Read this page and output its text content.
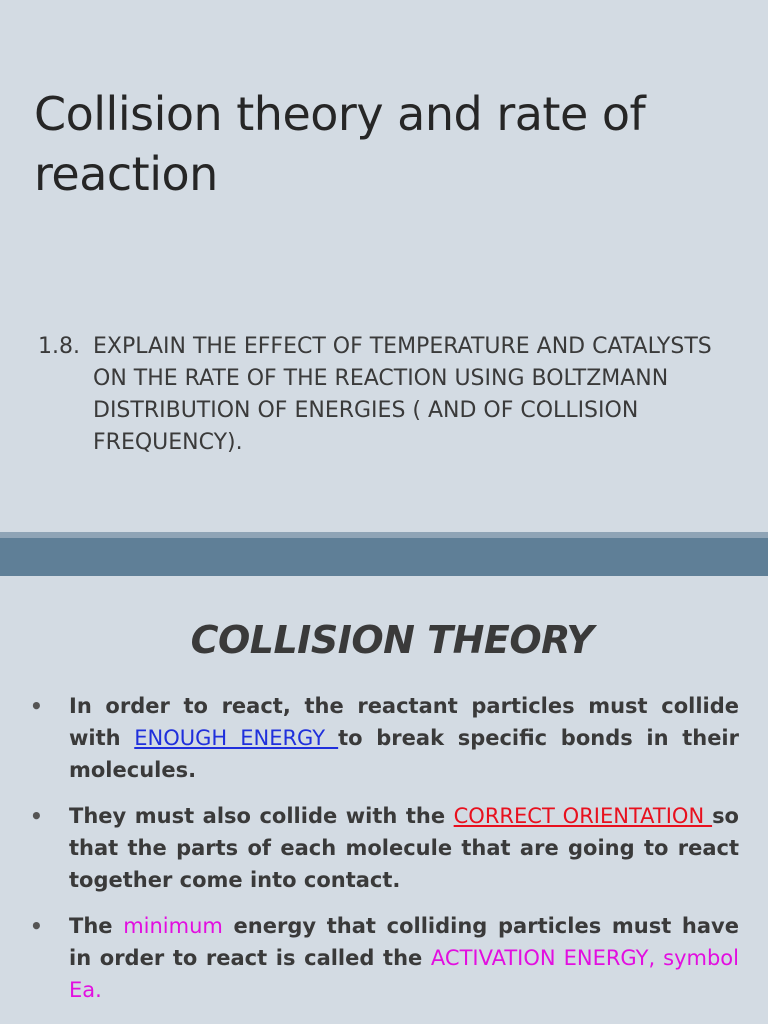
Collision theory and rate of reaction
1.8. EXPLAIN THE EFFECT OF TEMPERATURE AND CATALYSTS ON THE RATE OF THE REACTION USING BOLTZMANN DISTRIBUTION OF ENERGIES ( AND OF COLLISION FREQUENCY).
COLLISION THEORY
• In order to react, the reactant particles must collide with ENOUGH ENERGY to break specific bonds in their molecules.
• They must also collide with the CORRECT ORIENTATION so that the parts of each molecule that are going to react together come into contact.
• The minimum energy that colliding particles must have in order to react is called the ACTIVATION ENERGY, symbol Ea.
